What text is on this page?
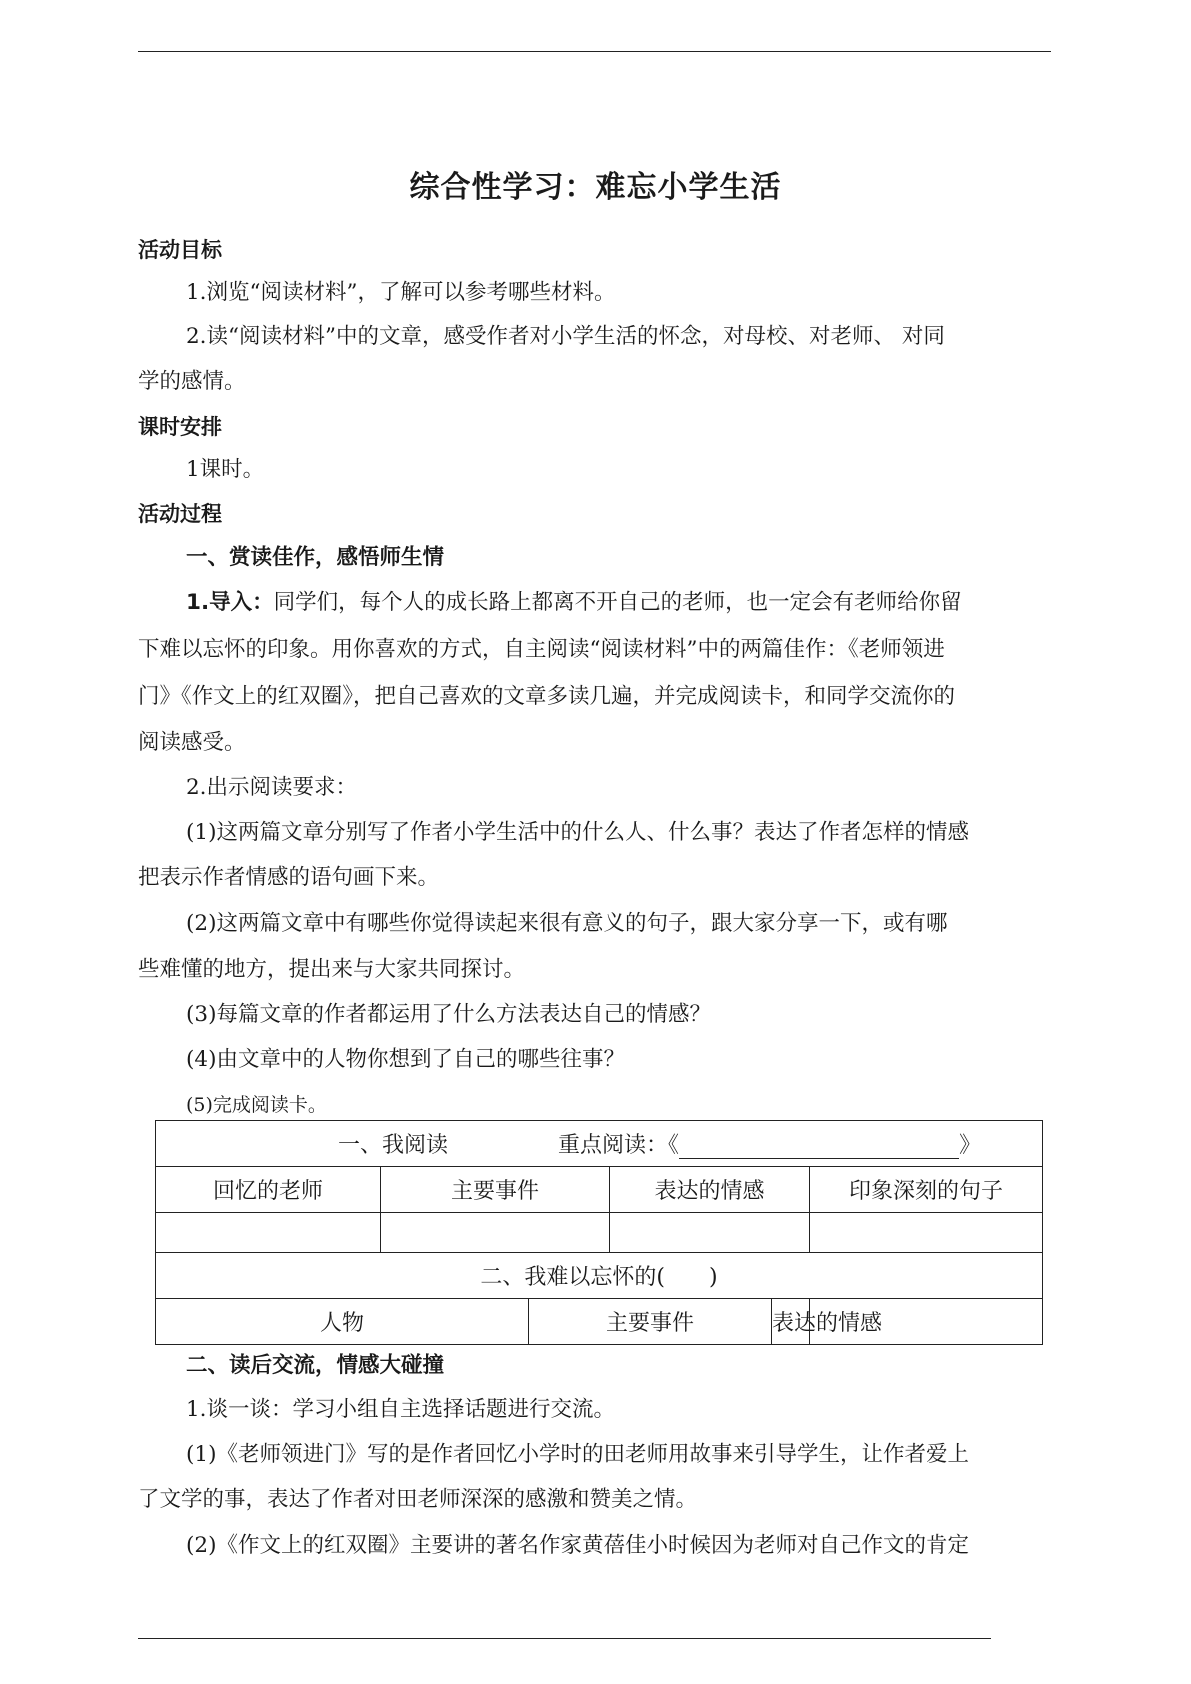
综合性学习：难忘小学生活
活动目标
1.浏览“阅读材料”，了解可以参考哪些材料。
2.读“阅读材料”中的文章，感受作者对小学生活的怀念，对母校、对老师、 对同
学的感情。
课时安排
1课时。
活动过程
一、赏读佳作，感悟师生情
1.导入：同学们，每个人的成长路上都离不开自己的老师，也一定会有老师给你留
下难以忘怀的印象。用你喜欢的方式，自主阅读“阅读材料”中的两篇佳作：《老师领进
门》《作文上的红双圈》，把自己喜欢的文章多读几遍，并完成阅读卡，和同学交流你的
阅读感受。
2.出示阅读要求：
(1)这两篇文章分别写了作者小学生活中的什么人、什么事？表达了作者怎样的情感
把表示作者情感的语句画下来。
(2)这两篇文章中有哪些你觉得读起来很有意义的句子，跟大家分享一下，或有哪
些难懂的地方，提出来与大家共同探讨。
(3)每篇文章的作者都运用了什么方法表达自己的情感？
(4)由文章中的人物你想到了自己的哪些往事？
(5)完成阅读卡。
一、我阅读 重点阅读：《 》					
回忆的老师	主要事件		表达的情感		印象深刻的句子

二、我难以忘怀的(　　)					
人物		主要事件		表达的情感	
二、读后交流，情感大碰撞
1.谈一谈：学习小组自主选择话题进行交流。
(1)《老师领进门》写的是作者回忆小学时的田老师用故事来引导学生，让作者爱上
了文学的事，表达了作者对田老师深深的感激和赞美之情。
(2)《作文上的红双圈》主要讲的著名作家黄蓓佳小时候因为老师对自己作文的肯定
